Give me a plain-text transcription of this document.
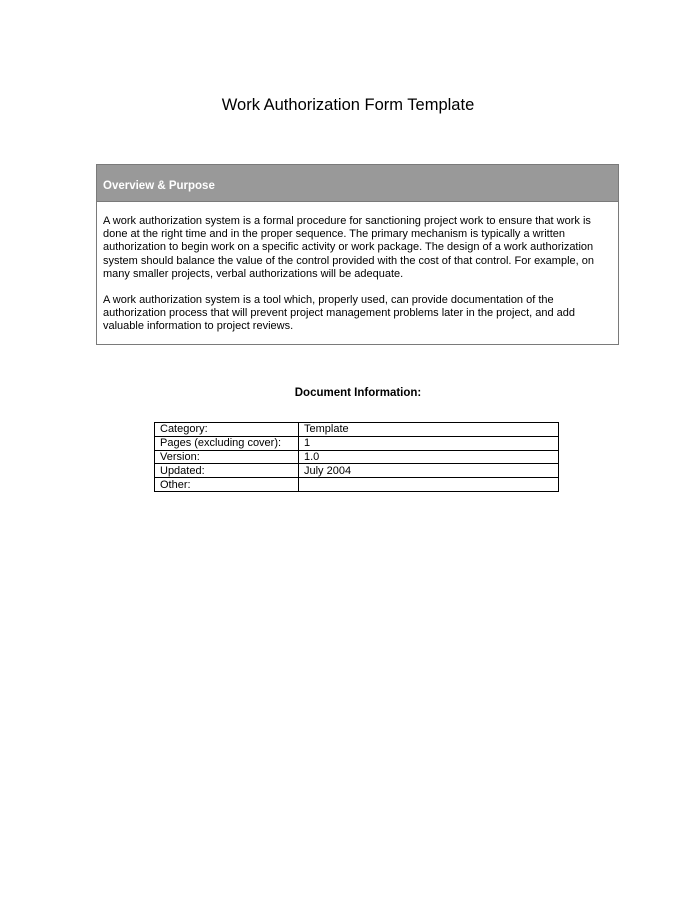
Work Authorization Form Template
Overview & Purpose

A work authorization system is a formal procedure for sanctioning project work to ensure that work is done at the right time and in the proper sequence. The primary mechanism is typically a written authorization to begin work on a specific activity or work package. The design of a work authorization system should balance the value of the control provided with the cost of that control. For example, on many smaller projects, verbal authorizations will be adequate.

A work authorization system is a tool which, properly used, can provide documentation of the authorization process that will prevent project management problems later in the project, and add valuable information to project reviews.

Document Information:
Category:	Template
Pages (excluding cover):	1
Version:	1.0
Updated:	July 2004
Other:	
